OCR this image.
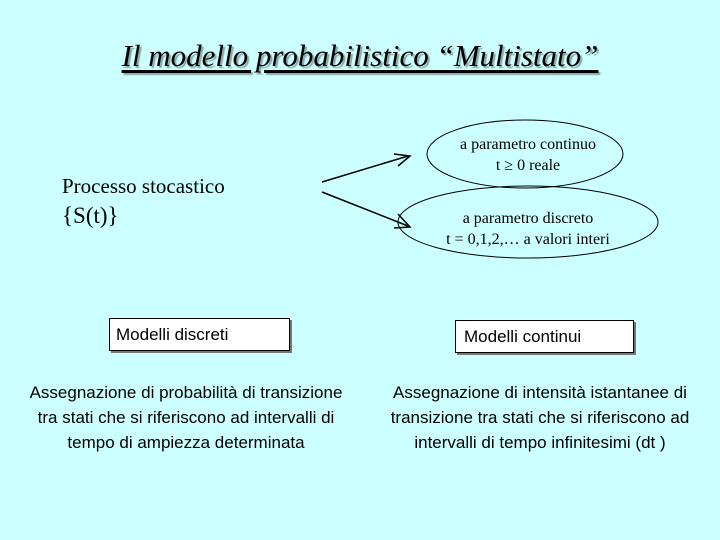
Il modello probabilistico “Multistato”
Processo stocastico
{S(t)}
a parametro continuo
t ≥ 0 reale
a parametro discreto
t = 0,1,2,… a valori interi
Modelli discreti	Modelli continui
Assegnazione di probabilità di transizione tra stati che si riferiscono ad intervalli di tempo di ampiezza determinata
Assegnazione di intensità istantanee di transizione tra stati che si riferiscono ad intervalli di tempo infinitesimi (dt )
